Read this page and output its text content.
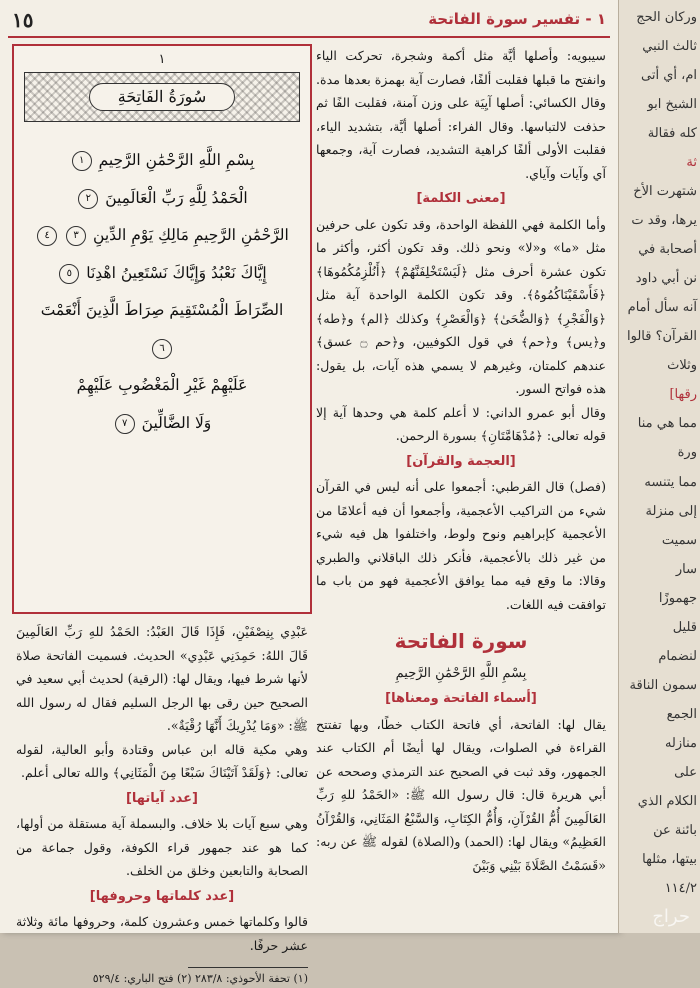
١٥	١ - تفسير سورة الفاتحة

سيبويه: وأصلها أيَّة مثل أكمة وشجرة، تحركت الياء وانفتح ما قبلها فقلبت ألفًا، فصارت آية بهمزة بعدها مدة. وقال الكسائي: أصلها آيِيَة على وزن آمنة، فقلبت الفًا ثم حذفت لالتباسها. وقال الفراء: أصلها أيَّة، بتشديد الياء، فقلبت الأولى ألفًا كراهية التشديد، فصارت آية، وجمعها آي وآيات وآياي.

[معنى الكلمة]

وأما الكلمة فهي اللفظة الواحدة، وقد تكون على حرفين مثل «ما» و«لا» ونحو ذلك. وقد تكون أكثر، وأكثر ما تكون عشرة أحرف مثل ﴿لَيَسْتَخْلِفَنَّهُمْ﴾ ﴿أَنُلْزِمُكُمُوهَا﴾ ﴿فَأَسْقَيْنَاكُمُوهُ﴾. وقد تكون الكلمة الواحدة آية مثل ﴿وَالْفَجْرِ﴾ ﴿وَالضُّحَىٰ﴾ ﴿وَالْعَصْرِ﴾ وكذلك ﴿الم﴾ و﴿طه﴾ و﴿يس﴾ و﴿حم﴾ في قول الكوفيين، و﴿حم ۝ عسق﴾ عندهم كلمتان، وغيرهم لا يسمي هذه آيات، بل يقول: هذه فواتح السور.

وقال أبو عمرو الداني: لا أعلم كلمة هي وحدها آية إلا قوله تعالى: ﴿مُدْهَامَّتَانِ﴾ بسورة الرحمن.

[العجمة والقرآن]

(فصل) قال القرطبي: أجمعوا على أنه ليس في القرآن شيء من التراكيب الأعجمية، وأجمعوا أن فيه أعلامًا من الأعجمية كإبراهيم ونوح ولوط، واختلفوا هل فيه شيء من غير ذلك بالأعجمية، فأنكر ذلك الباقلاني والطبري وقالا: ما وقع فيه مما يوافق الأعجمية فهو من باب ما توافقت فيه اللغات.

سورة الفاتحة
بِسْمِ اللَّهِ الرَّحْمَٰنِ الرَّحِيمِ
[أسماء الفاتحة ومعناها]

يقال لها: الفاتحة، أي فاتحة الكتاب خطًا، وبها تفتتح القراءة في الصلوات، ويقال لها أيضًا أم الكتاب عند الجمهور، وقد ثبت في الصحيح عند الترمذي وصححه عن أبي هريرة قال: قال رسول الله ﷺ: «الحَمْدُ للهِ رَبِّ العَالَمِينَ أُمُّ القُرْآنِ، وَأُمُّ الكِتَابِ، وَالسَّبْعُ المَثَانِي، وَالقُرْآنُ العَظِيمُ» ويقال لها: (الحمد) و(الصلاة) لقوله ﷺ عن ربه: «قَسَمْتُ الصَّلَاةَ بَيْنِي وَبَيْنَ

١
سُورَةُ الفَاتِحَةِ
بِسْمِ اللَّهِ الرَّحْمَٰنِ الرَّحِيمِ ١
الْحَمْدُ لِلَّهِ رَبِّ الْعَالَمِينَ ٢
الرَّحْمَٰنِ الرَّحِيمِ مَالِكِ يَوْمِ الدِّينِ ٣ ٤
إِيَّاكَ نَعْبُدُ وَإِيَّاكَ نَسْتَعِينُ اهْدِنَا ٥
الصِّرَاطَ الْمُسْتَقِيمَ صِرَاطَ الَّذِينَ أَنْعَمْتَ ٦
عَلَيْهِمْ غَيْرِ الْمَغْضُوبِ عَلَيْهِمْ
وَلَا الضَّالِّينَ ٧

عَبْدِي بِنِصْفَيْنِ، فَإِذَا قَالَ العَبْدُ: الحَمْدُ للهِ رَبِّ العَالَمِينَ قَالَ اللهُ: حَمِدَنِي عَبْدِي» الحديث. فسميت الفاتحة صلاة لأنها شرط فيها، ويقال لها: (الرقية) لحديث أبي سعيد في الصحيح حين رقى بها الرجل السليم فقال له رسول الله ﷺ: «وَمَا يُدْرِيكَ أَنَّهَا رُقْيَةٌ».

وهي مكية قاله ابن عباس وقتادة وأبو العالية، لقوله تعالى: ﴿وَلَقَدْ آتَيْنَاكَ سَبْعًا مِنَ الْمَثَانِي﴾ والله تعالى أعلم.

[عدد آياتها]

وهي سبع آيات بلا خلاف. والبسملة آية مستقلة من أولها، كما هو عند جمهور قراء الكوفة، وقول جماعة من الصحابة والتابعين وخلق من الخلف.

[عدد كلماتها وحروفها]

قالوا وكلماتها خمس وعشرون كلمة، وحروفها مائة وثلاثة عشر حرفًا.

(١) تحفة الأحوذي: ٢٨٣/٨ (٢) فتح الباري: ٥٢٩/٤
وركان الحج
ثالث النبي
ام، أي أتى
الشيخ ابو
كله فقالة
ثة
شتهرت الأخ
يرها، وقد ت
أصحابة في
نن أبي داود
آنه سأل أمام
القرآن؟ قالوا
وثلاث
رقها]
مما هي منا
ورة
مما يتنسه
إلى منزلة
سميت
سار
جهموزًا
قليل
لنضمام
سمون الناقة
الجمع
منازله
على
الكلام الذي
بائنة عن
بيتها، مثلها
١١٤/٢
حراج
